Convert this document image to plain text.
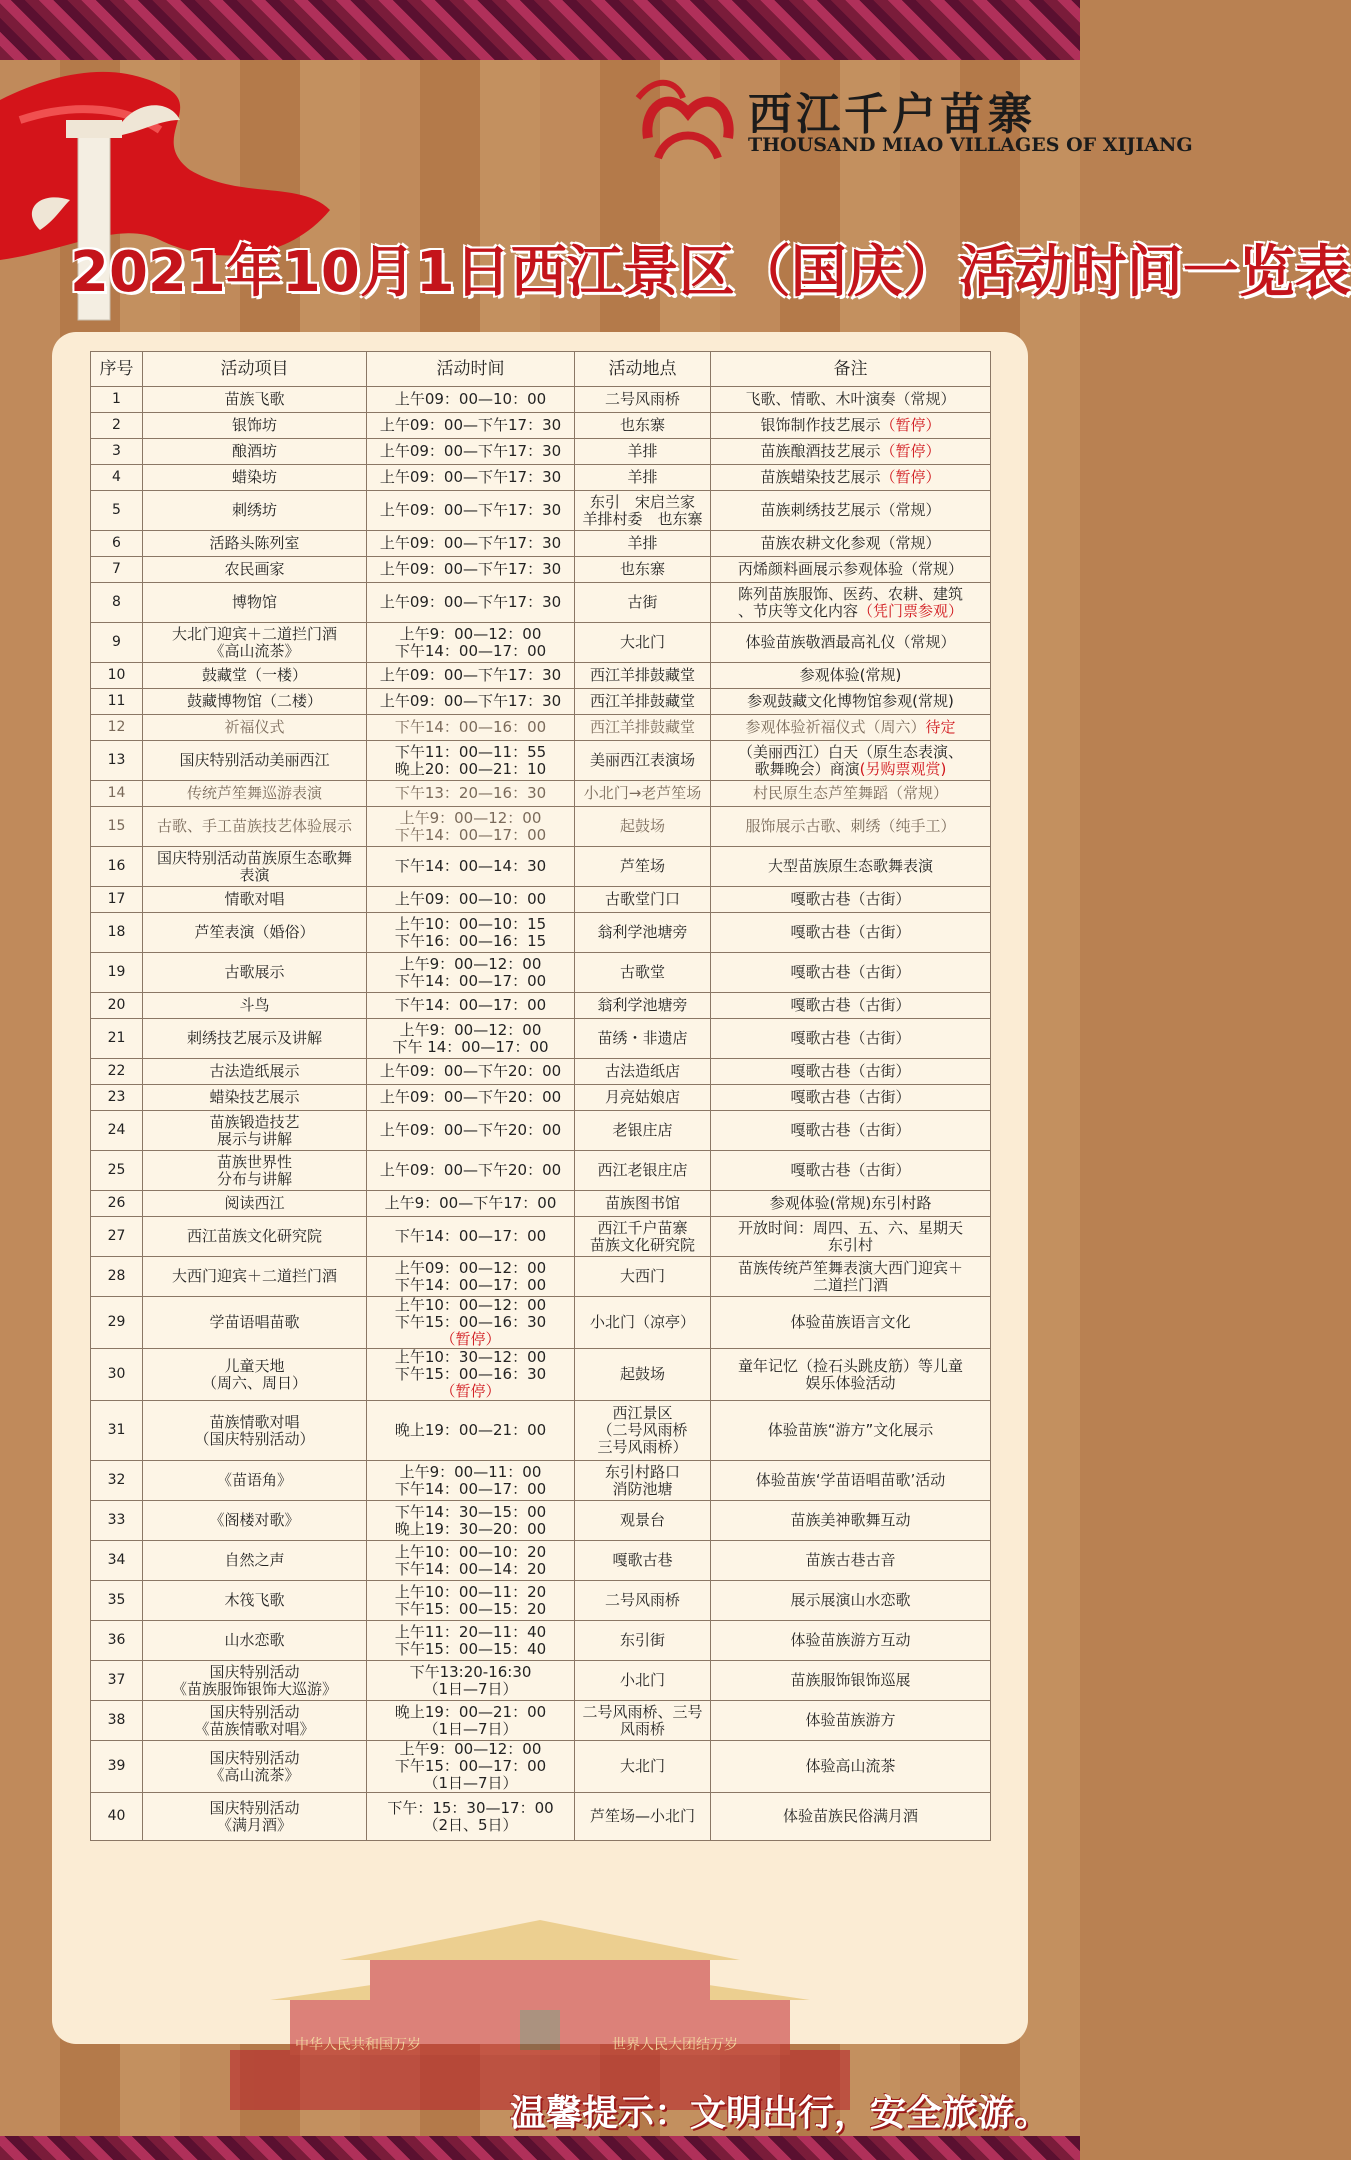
西江千户苗寨
THOUSAND MIAO VILLAGES OF XIJIANG
2021年10月1日西江景区（国庆）活动时间一览表
序号	活动项目	活动时间	活动地点	备注
1	苗族飞歌	上午09：00—10：00	二号风雨桥	飞歌、情歌、木叶演奏（常规）
2	银饰坊	上午09：00—下午17：30	也东寨	银饰制作技艺展示（暂停）
3	酿酒坊	上午09：00—下午17：30	羊排	苗族酿酒技艺展示（暂停）
4	蜡染坊	上午09：00—下午17：30	羊排	苗族蜡染技艺展示（暂停）
5	刺绣坊	上午09：00—下午17：30	东引　宋启兰家
羊排村委　也东寨	苗族刺绣技艺展示（常规）
6	活路头陈列室	上午09：00—下午17：30	羊排	苗族农耕文化参观（常规）
7	农民画家	上午09：00—下午17：30	也东寨	丙烯颜料画展示参观体验（常规）
8	博物馆	上午09：00—下午17：30	古街	陈列苗族服饰、医药、农耕、建筑
、节庆等文化内容（凭门票参观）
9	大北门迎宾＋二道拦门酒
《高山流茶》	上午9：00—12：00
下午14：00—17：00	大北门	体验苗族敬酒最高礼仪（常规）
10	鼓藏堂（一楼）	上午09：00—下午17：30	西江羊排鼓藏堂	参观体验(常规)
11	鼓藏博物馆（二楼）	上午09：00—下午17：30	西江羊排鼓藏堂	参观鼓藏文化博物馆参观(常规)
12	祈福仪式	下午14：00—16：00	西江羊排鼓藏堂	参观体验祈福仪式（周六）待定
13	国庆特别活动美丽西江	下午11：00—11：55
晚上20：00—21：10	美丽西江表演场	（美丽西江）白天（原生态表演、
歌舞晚会）商演(另购票观赏)
14	传统芦笙舞巡游表演	下午13：20—16：30	小北门→老芦笙场	村民原生态芦笙舞蹈（常规）
15	古歌、手工苗族技艺体验展示	上午9：00—12：00
下午14：00—17：00	起鼓场	服饰展示古歌、刺绣（纯手工）
16	国庆特别活动苗族原生态歌舞
表演	下午14：00—14：30	芦笙场	大型苗族原生态歌舞表演
17	情歌对唱	上午09：00—10：00	古歌堂门口	嘎歌古巷（古街）
18	芦笙表演（婚俗）	上午10：00—10：15
下午16：00—16：15	翁利学池塘旁	嘎歌古巷（古街）
19	古歌展示	上午9：00—12：00
下午14：00—17：00	古歌堂	嘎歌古巷（古街）
20	斗鸟	下午14：00—17：00	翁利学池塘旁	嘎歌古巷（古街）
21	刺绣技艺展示及讲解	上午9：00—12：00
下午 14：00—17：00	苗绣・非遗店	嘎歌古巷（古街）
22	古法造纸展示	上午09：00—下午20：00	古法造纸店	嘎歌古巷（古街）
23	蜡染技艺展示	上午09：00—下午20：00	月亮姑娘店	嘎歌古巷（古街）
24	苗族锻造技艺
展示与讲解	上午09：00—下午20：00	老银庄店	嘎歌古巷（古街）
25	苗族世界性
分布与讲解	上午09：00—下午20：00	西江老银庄店	嘎歌古巷（古街）
26	阅读西江	上午9：00—下午17：00	苗族图书馆	参观体验(常规)东引村路
27	西江苗族文化研究院	下午14：00—17：00	西江千户苗寨
苗族文化研究院	开放时间：周四、五、六、星期天
东引村
28	大西门迎宾＋二道拦门酒	上午09：00—12：00
下午14：00—17：00	大西门	苗族传统芦笙舞表演大西门迎宾＋
二道拦门酒
29	学苗语唱苗歌	上午10：00—12：00
下午15：00—16：30
（暂停）	小北门（凉亭）	体验苗族语言文化
30	儿童天地
（周六、周日）	上午10：30—12：00
下午15：00—16：30
（暂停）	起鼓场	童年记忆（捡石头跳皮筋）等儿童
娱乐体验活动
31	苗族情歌对唱
（国庆特别活动）	晚上19：00—21：00	西江景区
（二号风雨桥
三号风雨桥）	体验苗族“游方”文化展示
32	《苗语角》	上午9：00—11：00
下午14：00—17：00	东引村路口
消防池塘	体验苗族‘学苗语唱苗歌’活动
33	《阁楼对歌》	下午14：30—15：00
晚上19：30—20：00	观景台	苗族美神歌舞互动
34	自然之声	上午10：00—10：20
下午14：00—14：20	嘎歌古巷	苗族古巷古音
35	木筏飞歌	上午10：00—11：20
下午15：00—15：20	二号风雨桥	展示展演山水恋歌
36	山水恋歌	上午11：20—11：40
下午15：00—15：40	东引街	体验苗族游方互动
37	国庆特别活动
《苗族服饰银饰大巡游》	下午13:20-16:30
（1日—7日）	小北门	苗族服饰银饰巡展
38	国庆特别活动
《苗族情歌对唱》	晚上19：00—21：00
（1日—7日）	二号风雨桥、三号
风雨桥	体验苗族游方
39	国庆特别活动
《高山流茶》	上午9：00—12：00
下午15：00—17：00
（1日—7日）	大北门	体验高山流茶
40	国庆特别活动
《满月酒》	下午：15：30—17：00
（2日、5日）	芦笙场—小北门	体验苗族民俗满月酒
中华人民共和国万岁	世界人民大团结万岁
温馨提示：文明出行，安全旅游。
